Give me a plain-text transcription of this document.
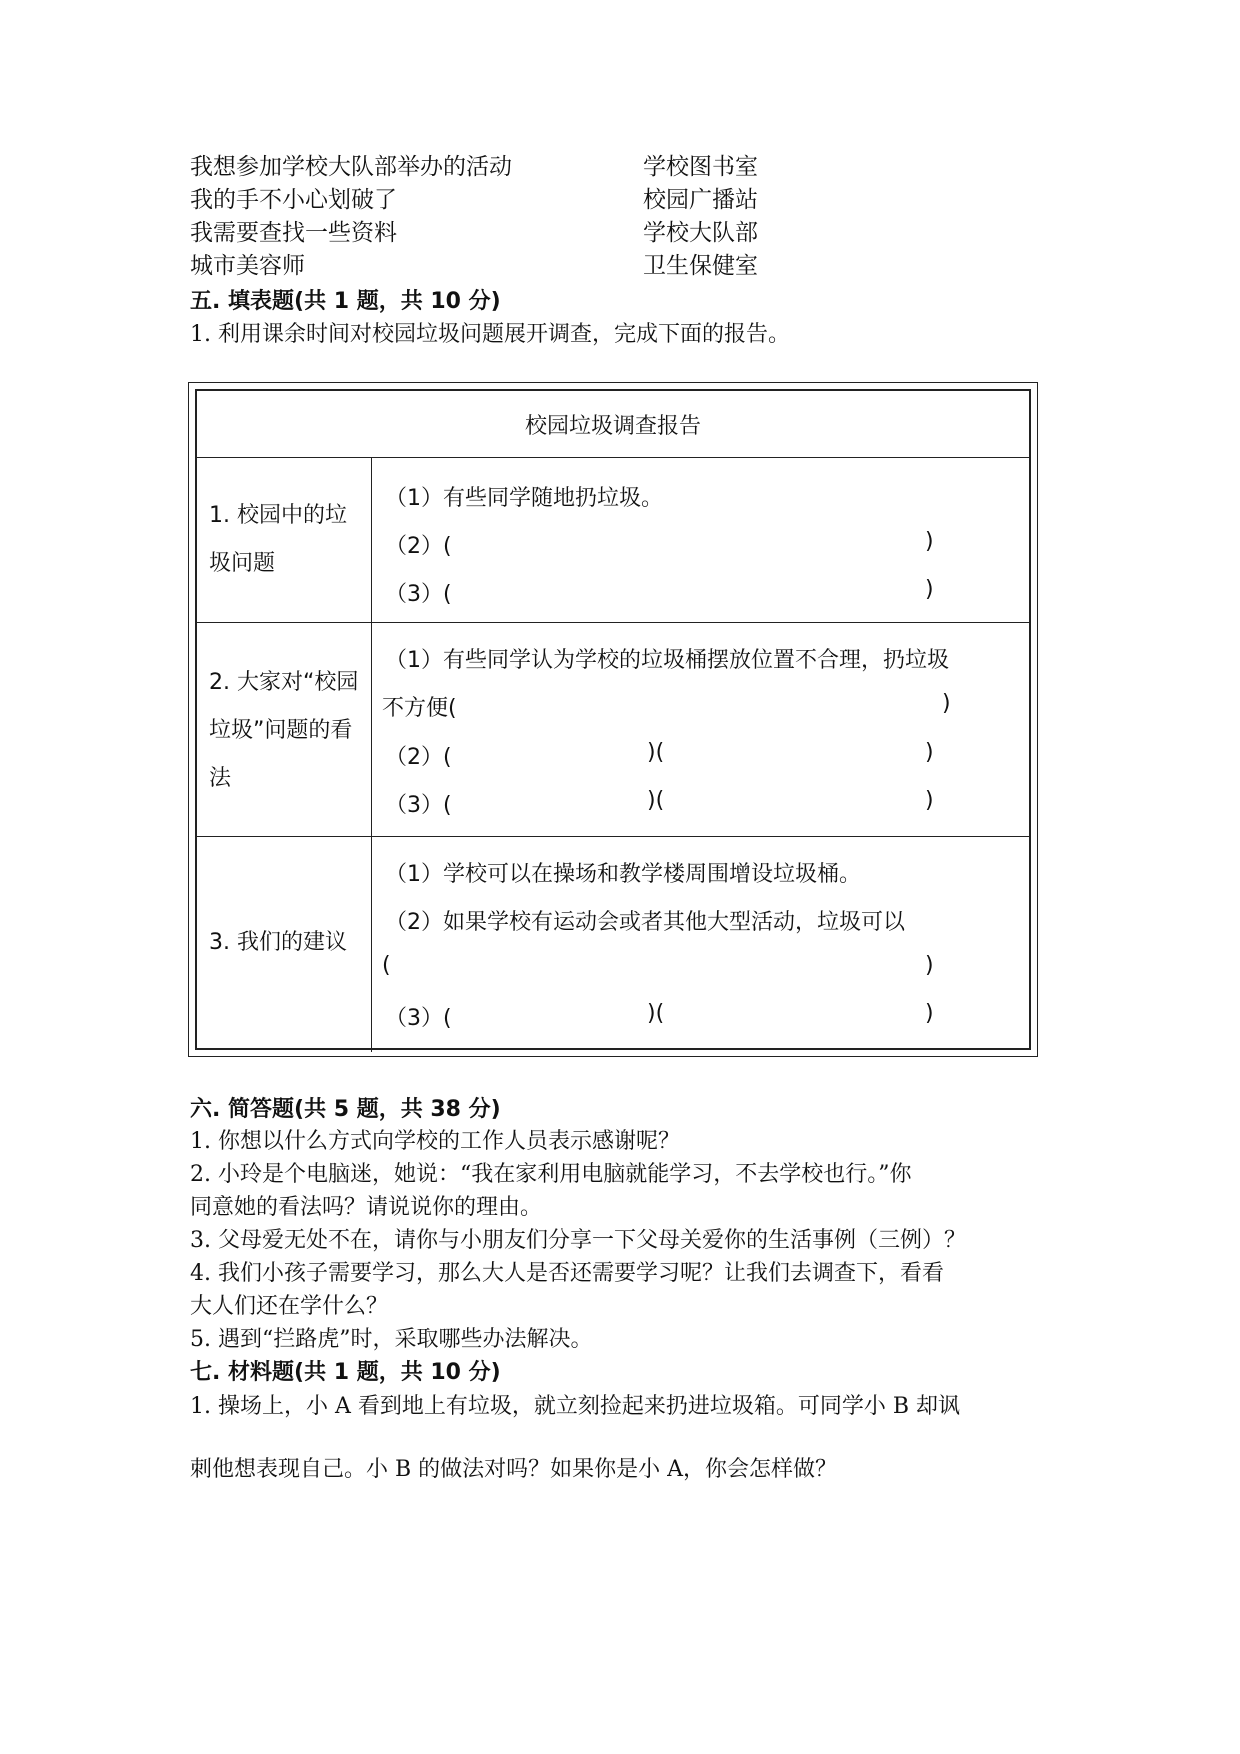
我想参加学校大队部举办的活动	学校图书室
我的手不小心划破了	校园广播站
我需要查找一些资料	学校大队部
城市美容师	卫生保健室
五. 填表题(共 1 题，共 10 分)
1. 利用课余时间对校园垃圾问题展开调查，完成下面的报告。
校园垃圾调查报告
1. 校园中的垃圾问题
（1）有些同学随地扔垃圾。
（2）(	)
（3）(	)
2. 大家对“校园垃圾”问题的看法
（1）有些同学认为学校的垃圾桶摆放位置不合理，扔垃圾
不方便(	)
（2）(	)(	)
（3）(	)(	)
3. 我们的建议
（1）学校可以在操场和教学楼周围增设垃圾桶。
（2）如果学校有运动会或者其他大型活动，垃圾可以
(	)
（3）(	)(	)
六. 简答题(共 5 题，共 38 分)
1. 你想以什么方式向学校的工作人员表示感谢呢？
2. 小玲是个电脑迷，她说：“我在家利用电脑就能学习，不去学校也行。”你
同意她的看法吗？请说说你的理由。
3. 父母爱无处不在，请你与小朋友们分享一下父母关爱你的生活事例（三例）？
4. 我们小孩子需要学习，那么大人是否还需要学习呢？让我们去调查下，看看
大人们还在学什么？
5. 遇到“拦路虎”时，采取哪些办法解决。
七. 材料题(共 1 题，共 10 分)
1. 操场上，小 A 看到地上有垃圾，就立刻捡起来扔进垃圾箱。可同学小 B 却讽
刺他想表现自己。小 B 的做法对吗？如果你是小 A，你会怎样做？
